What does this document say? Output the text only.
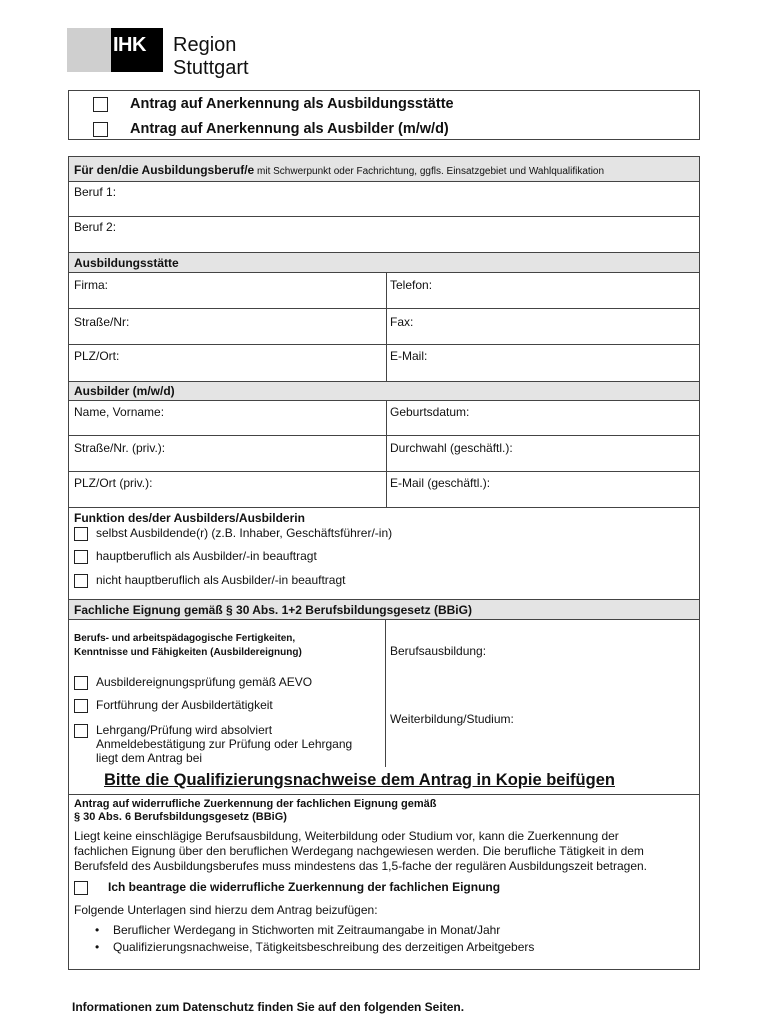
IHK Region Stuttgart
Antrag auf Anerkennung als Ausbildungsstätte
Antrag auf Anerkennung als Ausbilder (m/w/d)
Für den/die Ausbildungsberuf/e mit Schwerpunkt oder Fachrichtung, ggfls. Einsatzgebiet und Wahlqualifikation
Beruf 1:
Beruf 2:
Ausbildungsstätte
Firma:	Telefon:
Straße/Nr:	Fax:
PLZ/Ort:	E-Mail:
Ausbilder (m/w/d)
Name, Vorname:	Geburtsdatum:
Straße/Nr. (priv.):	Durchwahl (geschäftl.):
PLZ/Ort (priv.):	E-Mail (geschäftl.):
Funktion des/der Ausbilders/Ausbilderin
selbst Ausbildende(r) (z.B. Inhaber, Geschäftsführer/-in)
hauptberuflich als Ausbilder/-in beauftragt
nicht hauptberuflich als Ausbilder/-in beauftragt
Fachliche Eignung gemäß § 30 Abs. 1+2 Berufsbildungsgesetz (BBiG)
Berufs- und arbeitspädagogische Fertigkeiten,
Kenntnisse und Fähigkeiten (Ausbildereignung)	Berufsausbildung:
Weiterbildung/Studium:
Ausbildereignungsprüfung gemäß AEVO
Fortführung der Ausbildertätigkeit
Lehrgang/Prüfung wird absolviert
Anmeldebestätigung zur Prüfung oder Lehrgang
liegt dem Antrag bei
Bitte die Qualifizierungsnachweise dem Antrag in Kopie beifügen
Antrag auf widerrufliche Zuerkennung der fachlichen Eignung gemäß
§ 30 Abs. 6 Berufsbildungsgesetz (BBiG)
Liegt keine einschlägige Berufsausbildung, Weiterbildung oder Studium vor, kann die Zuerkennung der
fachlichen Eignung über den beruflichen Werdegang nachgewiesen werden. Die berufliche Tätigkeit in dem
Berufsfeld des Ausbildungsberufes muss mindestens das 1,5-fache der regulären Ausbildungszeit betragen.
Ich beantrage die widerrufliche Zuerkennung der fachlichen Eignung
Folgende Unterlagen sind hierzu dem Antrag beizufügen:
• Beruflicher Werdegang in Stichworten mit Zeitraumangabe in Monat/Jahr
• Qualifizierungsnachweise, Tätigkeitsbeschreibung des derzeitigen Arbeitgebers
Informationen zum Datenschutz finden Sie auf den folgenden Seiten.
